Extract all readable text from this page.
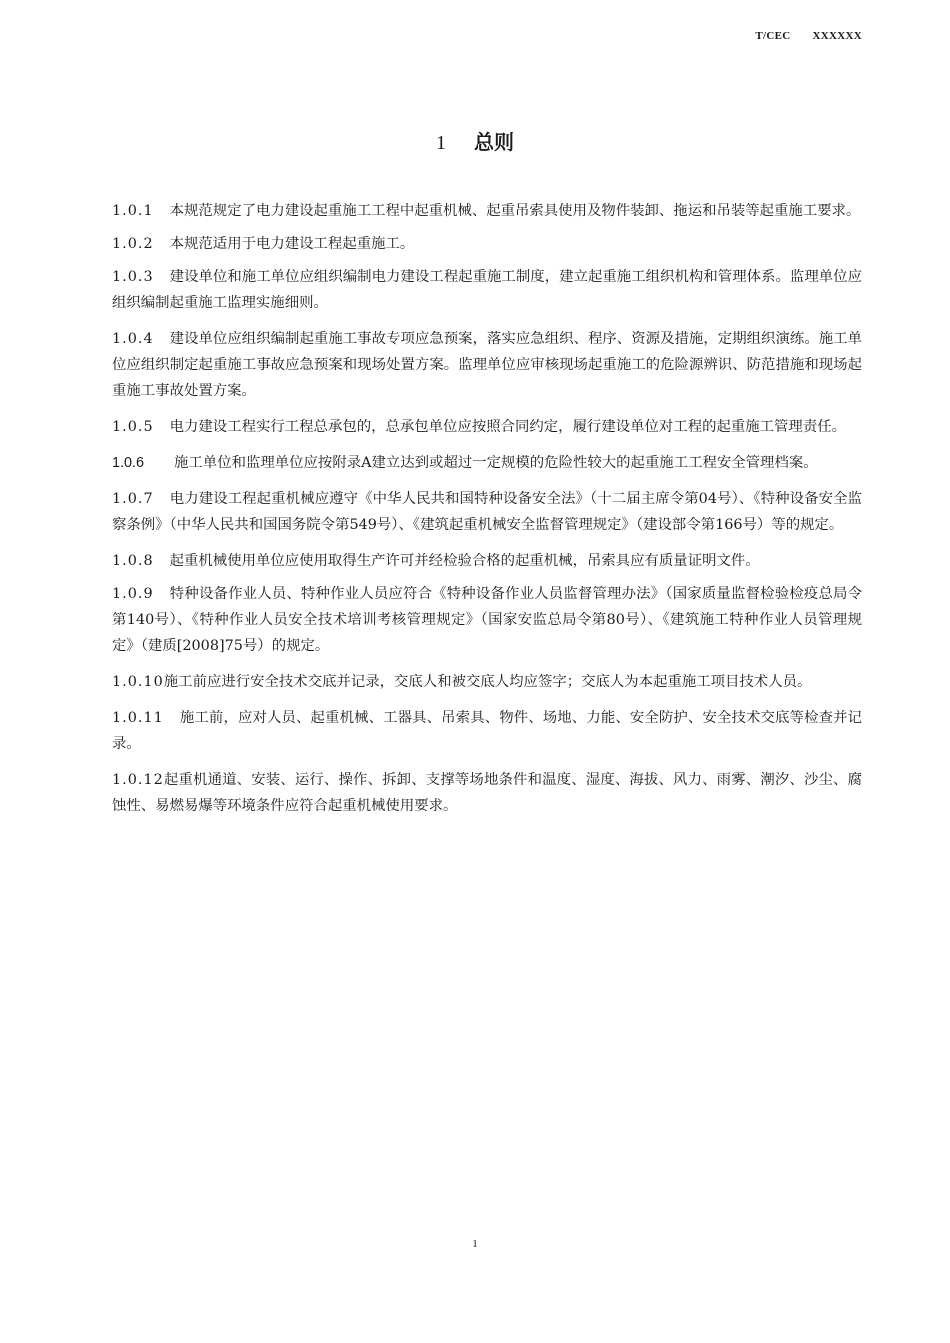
T/CEC XXXXXX
1 总则

1.0.1 本规范规定了电力建设起重施工工程中起重机械、起重吊索具使用及物件装卸、拖运和吊装等起重施工要求。

1.0.2 本规范适用于电力建设工程起重施工。

1.0.3 建设单位和施工单位应组织编制电力建设工程起重施工制度，建立起重施工组织机构和管理体系。监理单位应组织编制起重施工监理实施细则。

1.0.4 建设单位应组织编制起重施工事故专项应急预案，落实应急组织、程序、资源及措施，定期组织演练。施工单位应组织制定起重施工事故应急预案和现场处置方案。监理单位应审核现场起重施工的危险源辨识、防范措施和现场起重施工事故处置方案。

1.0.5 电力建设工程实行工程总承包的，总承包单位应按照合同约定，履行建设单位对工程的起重施工管理责任。

1.0.6 施工单位和监理单位应按附录A建立达到或超过一定规模的危险性较大的起重施工工程安全管理档案。

1.0.7 电力建设工程起重机械应遵守《中华人民共和国特种设备安全法》（十二届主席令第04号）、《特种设备安全监察条例》（中华人民共和国国务院令第549号）、《建筑起重机械安全监督管理规定》（建设部令第166号）等的规定。

1.0.8 起重机械使用单位应使用取得生产许可并经检验合格的起重机械，吊索具应有质量证明文件。

1.0.9 特种设备作业人员、特种作业人员应符合《特种设备作业人员监督管理办法》（国家质量监督检验检疫总局令第140号）、《特种作业人员安全技术培训考核管理规定》（国家安监总局令第80号）、《建筑施工特种作业人员管理规定》（建质[2008]75号）的规定。

1.0.10施工前应进行安全技术交底并记录，交底人和被交底人均应签字；交底人为本起重施工项目技术人员。

1.0.11 施工前，应对人员、起重机械、工器具、吊索具、物件、场地、力能、安全防护、安全技术交底等检查并记录。

1.0.12起重机通道、安装、运行、操作、拆卸、支撑等场地条件和温度、湿度、海拔、风力、雨雾、潮汐、沙尘、腐蚀性、易燃易爆等环境条件应符合起重机械使用要求。

1
